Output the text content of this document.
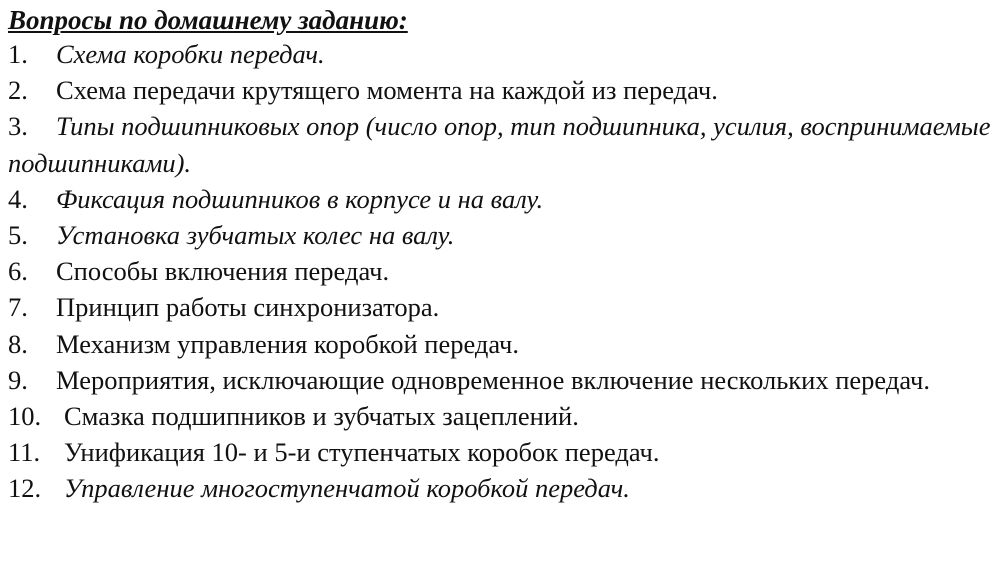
Вопросы по домашнему заданию:
1. Схема коробки передач.
2. Схема передачи крутящего момента на каждой из передач.
3. Типы подшипниковых опор (число опор, тип подшипника, усилия, воспринимаемые подшипниками).
4. Фиксация подшипников в корпусе и на валу.
5. Установка зубчатых колес на валу.
6. Способы включения передач.
7. Принцип работы синхронизатора.
8. Механизм управления коробкой передач.
9. Мероприятия, исключающие одновременное включение нескольких передач.
10. Смазка подшипников и зубчатых зацеплений.
11. Унификация 10- и 5-и ступенчатых коробок передач.
12. Управление многоступенчатой коробкой передач.
